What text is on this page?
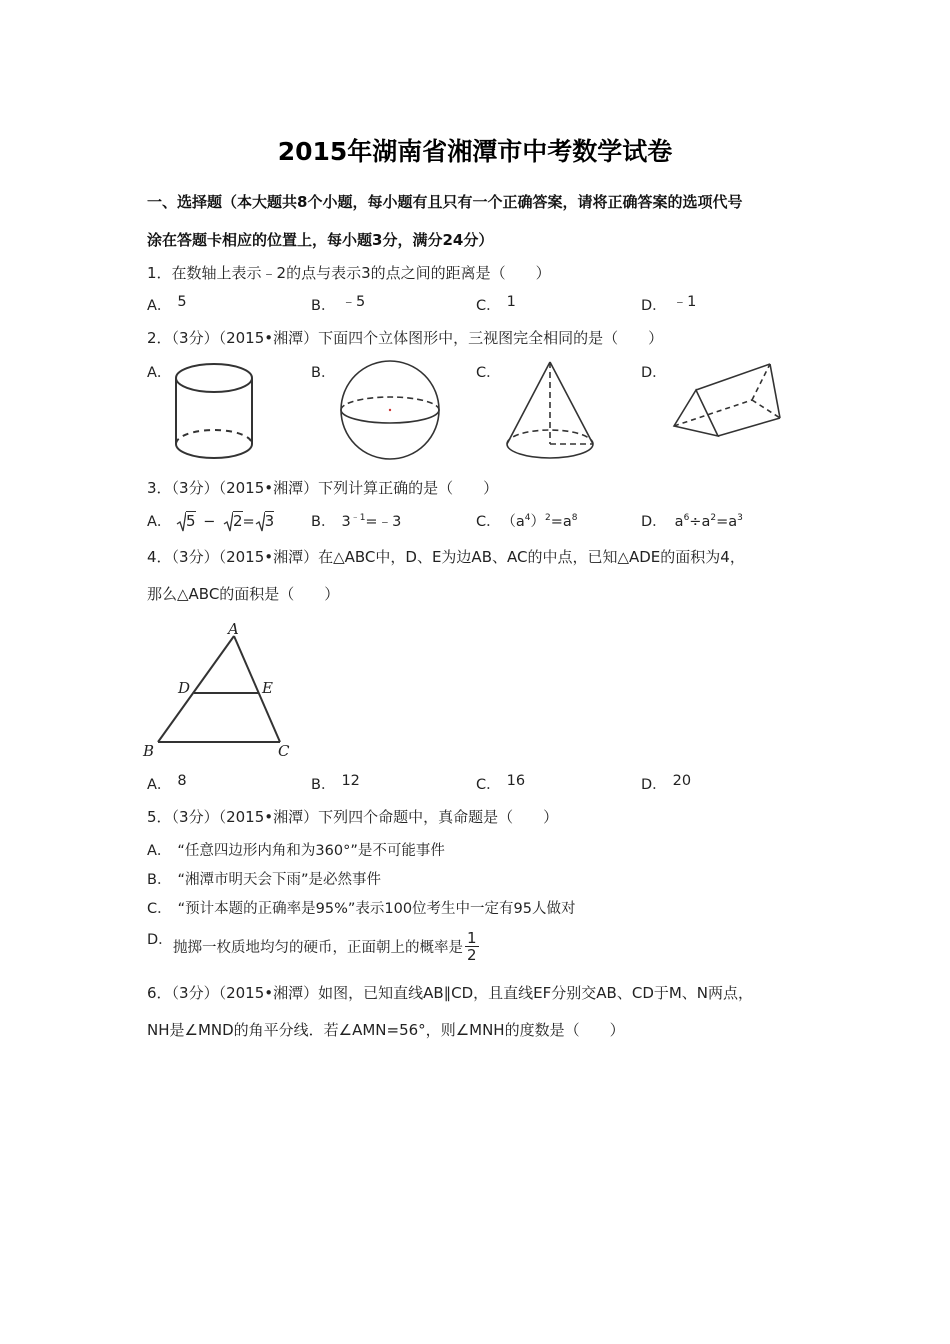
2015年湖南省湘潭市中考数学试卷
一、选择题（本大题共8个小题，每小题有且只有一个正确答案，请将正确答案的选项代号
涂在答题卡相应的位置上，每小题3分，满分24分）
1．在数轴上表示﹣2的点与表示3的点之间的距离是（　　）
A． 5	B． ﹣5	C． 1	D． ﹣1
2．（3分）（2015•湘潭）下面四个立体图形中，三视图完全相同的是（　　）
A．	B．	C．	D．
3．（3分）（2015•湘潭）下列计算正确的是（　　）
A． 5 − 2= 3	B． $3^{﹣1}=﹣3$	C． $(a^4)^2=a^8$	D． $a^6\div a^2=a^3$
4．（3分）（2015•湘潭）在△ABC中，D、E为边AB、AC的中点，已知△ADE的面积为4，
那么△ABC的面积是（　　）
A
D	E
B	C
A． 8	B． 12	C． 16	D． 20
5．（3分）（2015•湘潭）下列四个命题中，真命题是（　　）
A． “任意四边形内角和为360°”是不可能事件
B． “湘潭市明天会下雨”是必然事件
C． “预计本题的正确率是95%”表示100位考生中一定有95人做对
D． 抛掷一枚质地均匀的硬币，正面朝上的概率是 $\frac{1}{2}$
6．（3分）（2015•湘潭）如图，已知直线AB∥CD，且直线EF分别交AB、CD于M、N两点，
NH是∠MND的角平分线．若∠AMN=56°，则∠MNH的度数是（　　）
